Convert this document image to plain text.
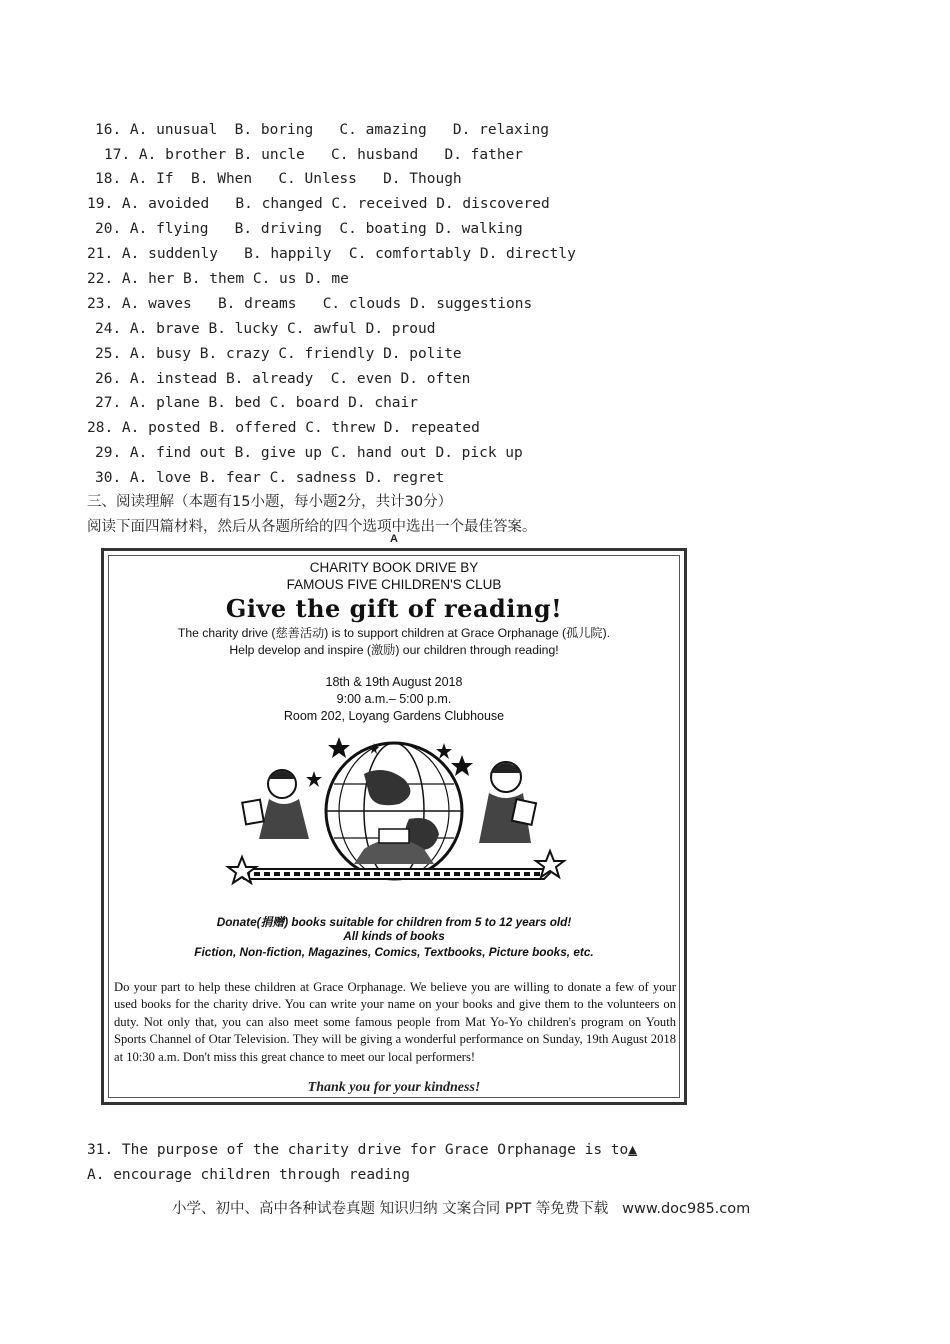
16. A. unusual  B. boring   C. amazing   D. relaxing
17. A. brother B. uncle   C. husband   D. father
18. A. If  B. When   C. Unless   D. Though
19. A. avoided   B. changed C. received D. discovered
20. A. flying   B. driving  C. boating D. walking
21. A. suddenly   B. happily  C. comfortably D. directly
22. A. her B. them C. us D. me
23. A. waves   B. dreams   C. clouds D. suggestions
24. A. brave B. lucky C. awful D. proud
25. A. busy B. crazy C. friendly D. polite
26. A. instead B. already  C. even D. often
27. A. plane B. bed C. board D. chair
28. A. posted B. offered C. threw D. repeated
29. A. find out B. give up C. hand out D. pick up
30. A. love B. fear C. sadness D. regret
三、阅读理解（本题有15小题，每小题2分，共计30分）
阅读下面四篇材料，然后从各题所给的四个选项中选出一个最佳答案。
A
CHARITY BOOK DRIVE BY
FAMOUS FIVE CHILDREN'S CLUB
Give the gift of reading!
The charity drive (慈善活动) is to support children at Grace Orphanage (孤儿院).
Help develop and inspire (激励) our children through reading!
18th & 19th August 2018
9:00 a.m.– 5:00 p.m.
Room 202, Loyang Gardens Clubhouse
Donate(捐赠) books suitable for children from 5 to 12 years old!
All kinds of books
Fiction, Non-fiction, Magazines, Comics, Textbooks, Picture books, etc.
Do your part to help these children at Grace Orphanage. We believe you are willing to donate a few of your used books for the charity drive. You can write your name on your books and give them to the volunteers on duty. Not only that, you can also meet some famous people from Mat Yo-Yo children's program on Youth Sports Channel of Otar Television. They will be giving a wonderful performance on Sunday, 19th August 2018 at 10:30 a.m. Don't miss this great chance to meet our local performers!
Thank you for your kindness!
31. The purpose of the charity drive for Grace Orphanage is to▲
A. encourage children through reading
小学、初中、高中各种试卷真题 知识归纳 文案合同 PPT 等免费下载   www.doc985.com
